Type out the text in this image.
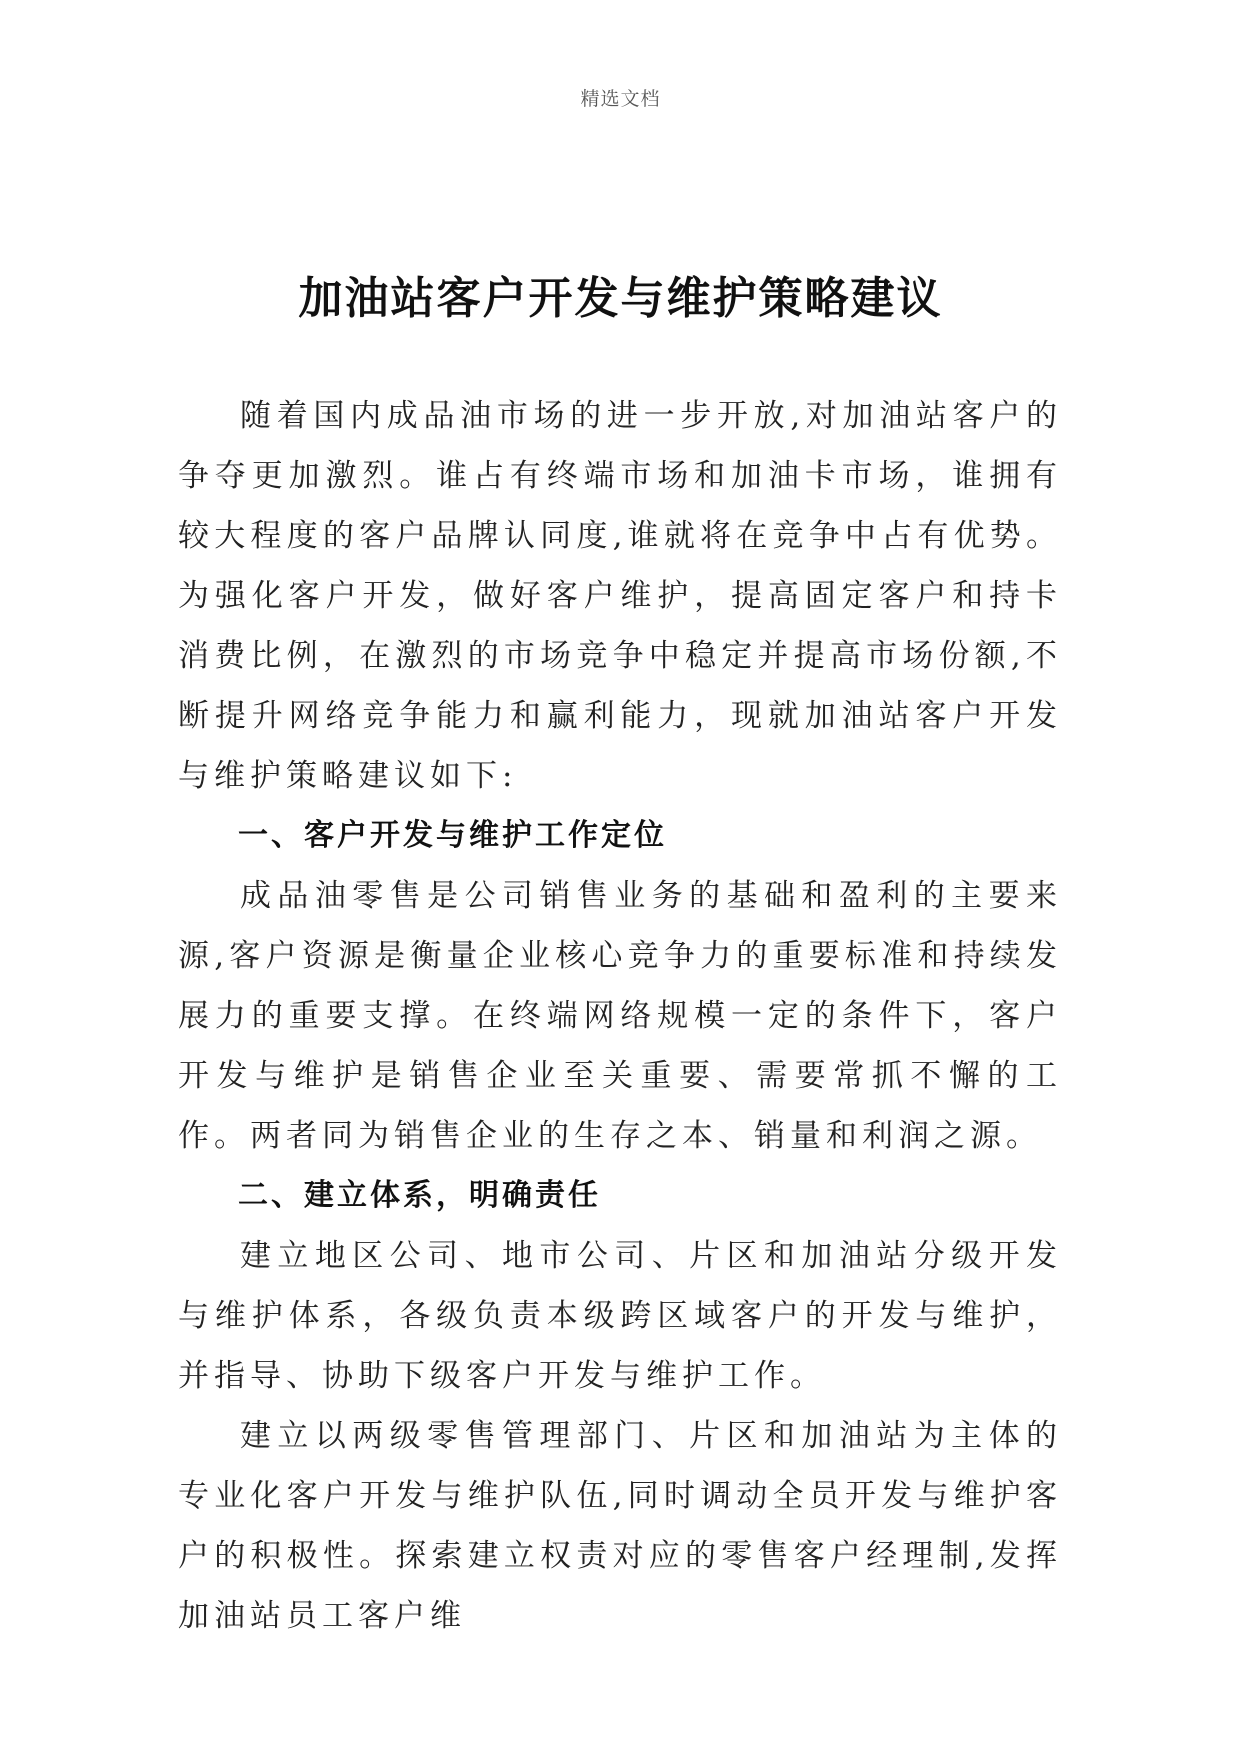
精选文档
加油站客户开发与维护策略建议

随着国内成品油市场的进一步开放,对加油站客户的争夺更加激烈。谁占有终端市场和加油卡市场，谁拥有较大程度的客户品牌认同度,谁就将在竞争中占有优势。为强化客户开发，做好客户维护，提高固定客户和持卡消费比例，在激烈的市场竞争中稳定并提高市场份额,不断提升网络竞争能力和赢利能力，现就加油站客户开发与维护策略建议如下:

一、客户开发与维护工作定位

成品油零售是公司销售业务的基础和盈利的主要来源,客户资源是衡量企业核心竞争力的重要标准和持续发展力的重要支撑。在终端网络规模一定的条件下，客户开发与维护是销售企业至关重要、需要常抓不懈的工作。两者同为销售企业的生存之本、销量和利润之源。

二、建立体系，明确责任

建立地区公司、地市公司、片区和加油站分级开发与维护体系，各级负责本级跨区域客户的开发与维护，并指导、协助下级客户开发与维护工作。

建立以两级零售管理部门、片区和加油站为主体的专业化客户开发与维护队伍,同时调动全员开发与维护客户的积极性。探索建立权责对应的零售客户经理制,发挥加油站员工客户维
